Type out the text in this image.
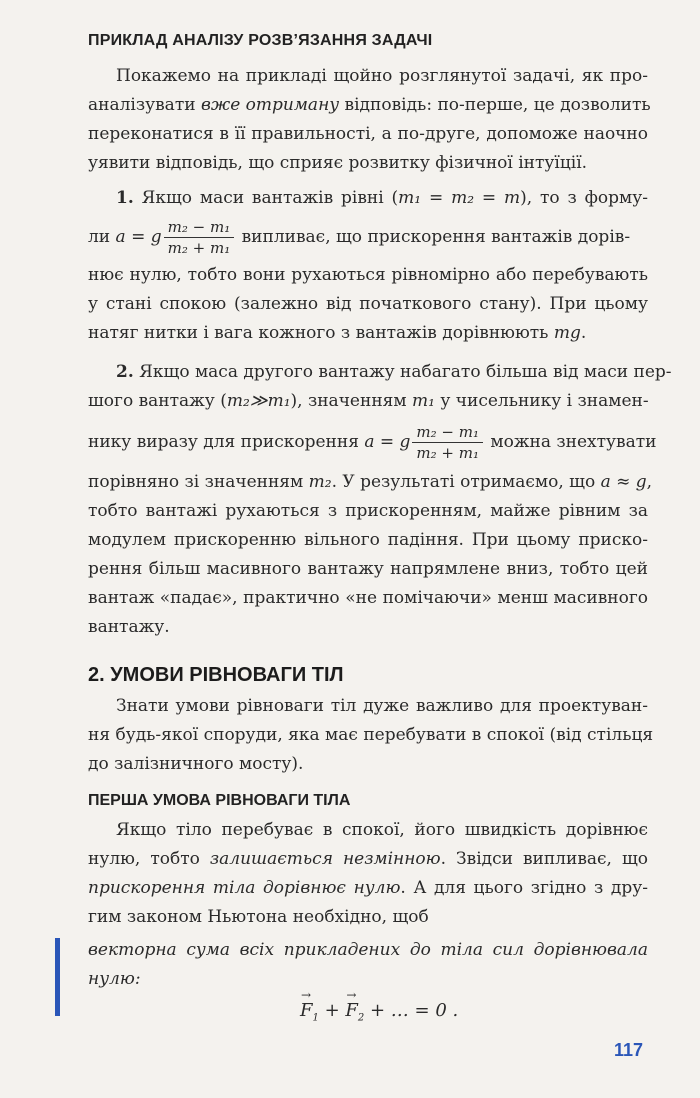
ПРИКЛАД АНАЛІЗУ РОЗВ’ЯЗАННЯ ЗАДАЧІ

Покажемо на прикладі щойно розглянутої задачі, як про-
аналізувати вже отриману відповідь: по-перше, це дозволить
переконатися в її правильності, а по-друге, допоможе наочно
уявити відповідь, що сприяє розвитку фізичної інтуїції.

1. Якщо маси вантажів рівні (m₁ = m₂ = m), то з форму-
ли a = g $\frac{\text{m₂ − m₁}}{\text{m₂ + m₁}}$ випливає, що прискорення вантажів дорів-
нює нулю, тобто вони рухаються рівномірно або перебувають
у стані спокою (залежно від початкового стану). При цьому
натяг нитки і вага кожного з вантажів дорівнюють mg.

2. Якщо маса другого вантажу набагато більша від маси пер-
шого вантажу (m₂≫m₁), значенням m₁ у чисельнику і знамен-
нику виразу для прискорення a = g $\frac{\text{m₂ − m₁}}{\text{m₂ + m₁}}$ можна знехтувати
порівняно зі значенням m₂. У результаті отримаємо, що a ≈ g,
тобто вантажі рухаються з прискоренням, майже рівним за
модулем прискоренню вільного падіння. При цьому приско-
рення більш масивного вантажу напрямлене вниз, тобто цей
вантаж «падає», практично «не помічаючи» менш масивного
вантажу.

2. УМОВИ РІВНОВАГИ ТІЛ

Знати умови рівноваги тіл дуже важливо для проектуван-
ня будь-якої споруди, яка має перебувати в спокої (від стільця
до залізничного мосту).

ПЕРША УМОВА РІВНОВАГИ ТІЛА

Якщо тіло перебуває в спокої, його швидкість дорівнює
нулю, тобто залишається незмінною. Звідси випливає, що
прискорення тіла дорівнює нулю. А для цього згідно з дру-
гим законом Ньютона необхідно, щоб

векторна сума всіх прикладених до тіла сил дорівнювала
нулю:
→ $F_1$ + → $F_2$ + … = 0 .
117
